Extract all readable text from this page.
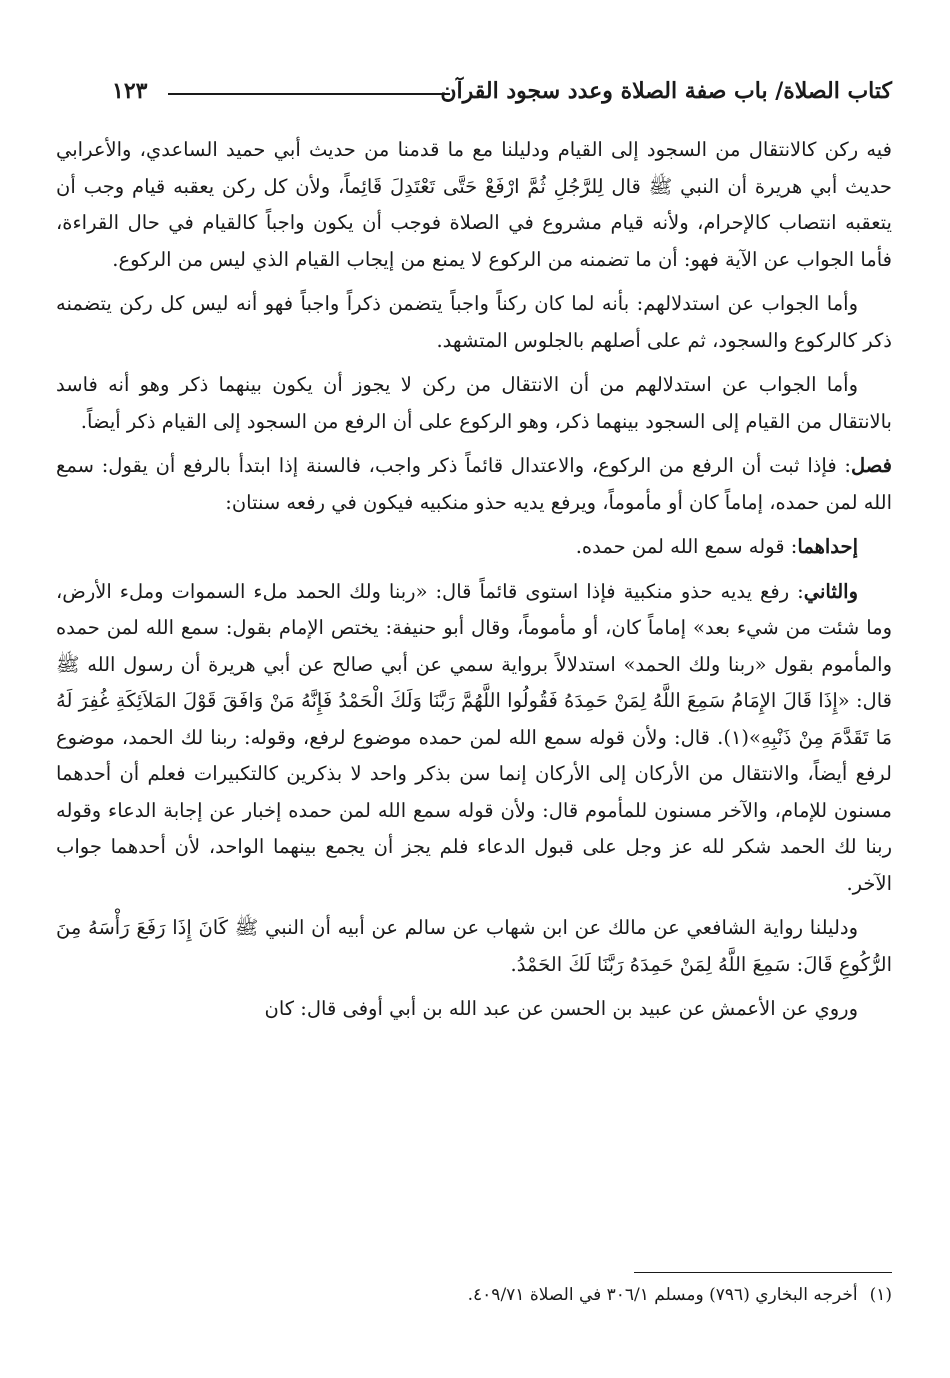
كتاب الصلاة/ باب صفة الصلاة وعدد سجود القرآن
١٢٣

فيه ركن كالانتقال من السجود إلى القيام ودليلنا مع ما قدمنا من حديث أبي حميد الساعدي، والأعرابي حديث أبي هريرة أن النبي ﷺ قال لِلرَّجُلِ ثُمَّ ارْفَعْ حَتَّى تَعْتَدِلَ قَائِماً، ولأن كل ركن يعقبه قيام وجب أن يتعقبه انتصاب كالإحرام، ولأنه قيام مشروع في الصلاة فوجب أن يكون واجباً كالقيام في حال القراءة، فأما الجواب عن الآية فهو: أن ما تضمنه من الركوع لا يمنع من إيجاب القيام الذي ليس من الركوع.

وأما الجواب عن استدلالهم: بأنه لما كان ركناً واجباً يتضمن ذكراً واجباً فهو أنه ليس كل ركن يتضمنه ذكر كالركوع والسجود، ثم على أصلهم بالجلوس المتشهد.

وأما الجواب عن استدلالهم من أن الانتقال من ركن لا يجوز أن يكون بينهما ذكر وهو أنه فاسد بالانتقال من القيام إلى السجود بينهما ذكر، وهو الركوع على أن الرفع من السجود إلى القيام ذكر أيضاً.

فصل: فإذا ثبت أن الرفع من الركوع، والاعتدال قائماً ذكر واجب، فالسنة إذا ابتدأ بالرفع أن يقول: سمع الله لمن حمده، إماماً كان أو مأموماً، ويرفع يديه حذو منكبيه فيكون في رفعه سنتان:

إحداهما: قوله سمع الله لمن حمده.

والثاني: رفع يديه حذو منكبية فإذا استوى قائماً قال: «ربنا ولك الحمد ملء السموات وملء الأرض، وما شئت من شيء بعد» إماماً كان، أو مأموماً، وقال أبو حنيفة: يختص الإمام بقول: سمع الله لمن حمده والمأموم بقول «ربنا ولك الحمد» استدلالاً برواية سمي عن أبي صالح عن أبي هريرة أن رسول الله ﷺ قال: «إِذَا قَالَ الإِمَامُ سَمِعَ اللَّهُ لِمَنْ حَمِدَهُ فَقُولُوا اللَّهُمَّ رَبَّنَا وَلَكَ الْحَمْدُ فَإِنَّهُ مَنْ وَافَقَ قَوْلَ المَلاَئِكَةِ غُفِرَ لَهُ مَا تَقَدَّمَ مِنْ ذَنْبِهِ»(١). قال: ولأن قوله سمع الله لمن حمده موضوع لرفع، وقوله: ربنا لك الحمد، موضوع لرفع أيضاً، والانتقال من الأركان إلى الأركان إنما سن بذكر واحد لا بذكرين كالتكبيرات فعلم أن أحدهما مسنون للإمام، والآخر مسنون للمأموم قال: ولأن قوله سمع الله لمن حمده إخبار عن إجابة الدعاء وقوله ربنا لك الحمد شكر لله عز وجل على قبول الدعاء فلم يجز أن يجمع بينهما الواحد، لأن أحدهما جواب الآخر.

ودليلنا رواية الشافعي عن مالك عن ابن شهاب عن سالم عن أبيه أن النبي ﷺ كَانَ إِذَا رَفَعَ رَأْسَهُ مِنَ الرُّكُوعِ قَالَ: سَمِعَ اللَّهُ لِمَنْ حَمِدَهُ رَبَّنَا لَكَ الحَمْدُ.

وروي عن الأعمش عن عبيد بن الحسن عن عبد الله بن أبي أوفى قال: كان

(١)أخرجه البخاري (٧٩٦) ومسلم ٣٠٦/١ في الصلاة ٤٠٩/٧١.
